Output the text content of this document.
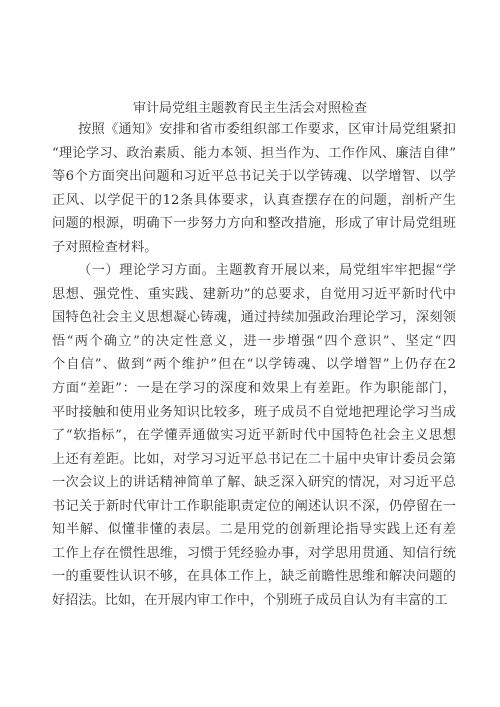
审计局党组主题教育民主生活会对照检查
按照《通知》安排和省市委组织部工作要求，区审计局党组紧扣
“理论学习、政治素质、能力本领、担当作为、工作作风、廉洁自律”
等6个方面突出问题和习近平总书记关于以学铸魂、以学增智、以学
正风、以学促干的12条具体要求，认真查摆存在的问题，剖析产生
问题的根源，明确下一步努力方向和整改措施，形成了审计局党组班
子对照检查材料。
（一）理论学习方面。主题教育开展以来，局党组牢牢把握“学
思想、强党性、重实践、建新功”的总要求，自觉用习近平新时代中
国特色社会主义思想凝心铸魂，通过持续加强政治理论学习，深刻领
悟“两个确立”的决定性意义，进一步增强“四个意识”、坚定“四
个自信”、做到“两个维护”但在“以学铸魂、以学增智”上仍存在2
方面“差距”：一是在学习的深度和效果上有差距。作为职能部门，
平时接触和使用业务知识比较多，班子成员不自觉地把理论学习当成
了“软指标”，在学懂弄通做实习近平新时代中国特色社会主义思想
上还有差距。比如，对学习习近平总书记在二十届中央审计委员会第
一次会议上的讲话精神简单了解、缺乏深入研究的情况，对习近平总
书记关于新时代审计工作职能职责定位的阐述认识不深，仍停留在一
知半解、似懂非懂的表层。二是用党的创新理论指导实践上还有差
工作上存在惯性思维，习惯于凭经验办事，对学思用贯通、知信行统
一的重要性认识不够，在具体工作上，缺乏前瞻性思维和解决问题的
好招法。比如，在开展内审工作中，个别班子成员自认为有丰富的工
